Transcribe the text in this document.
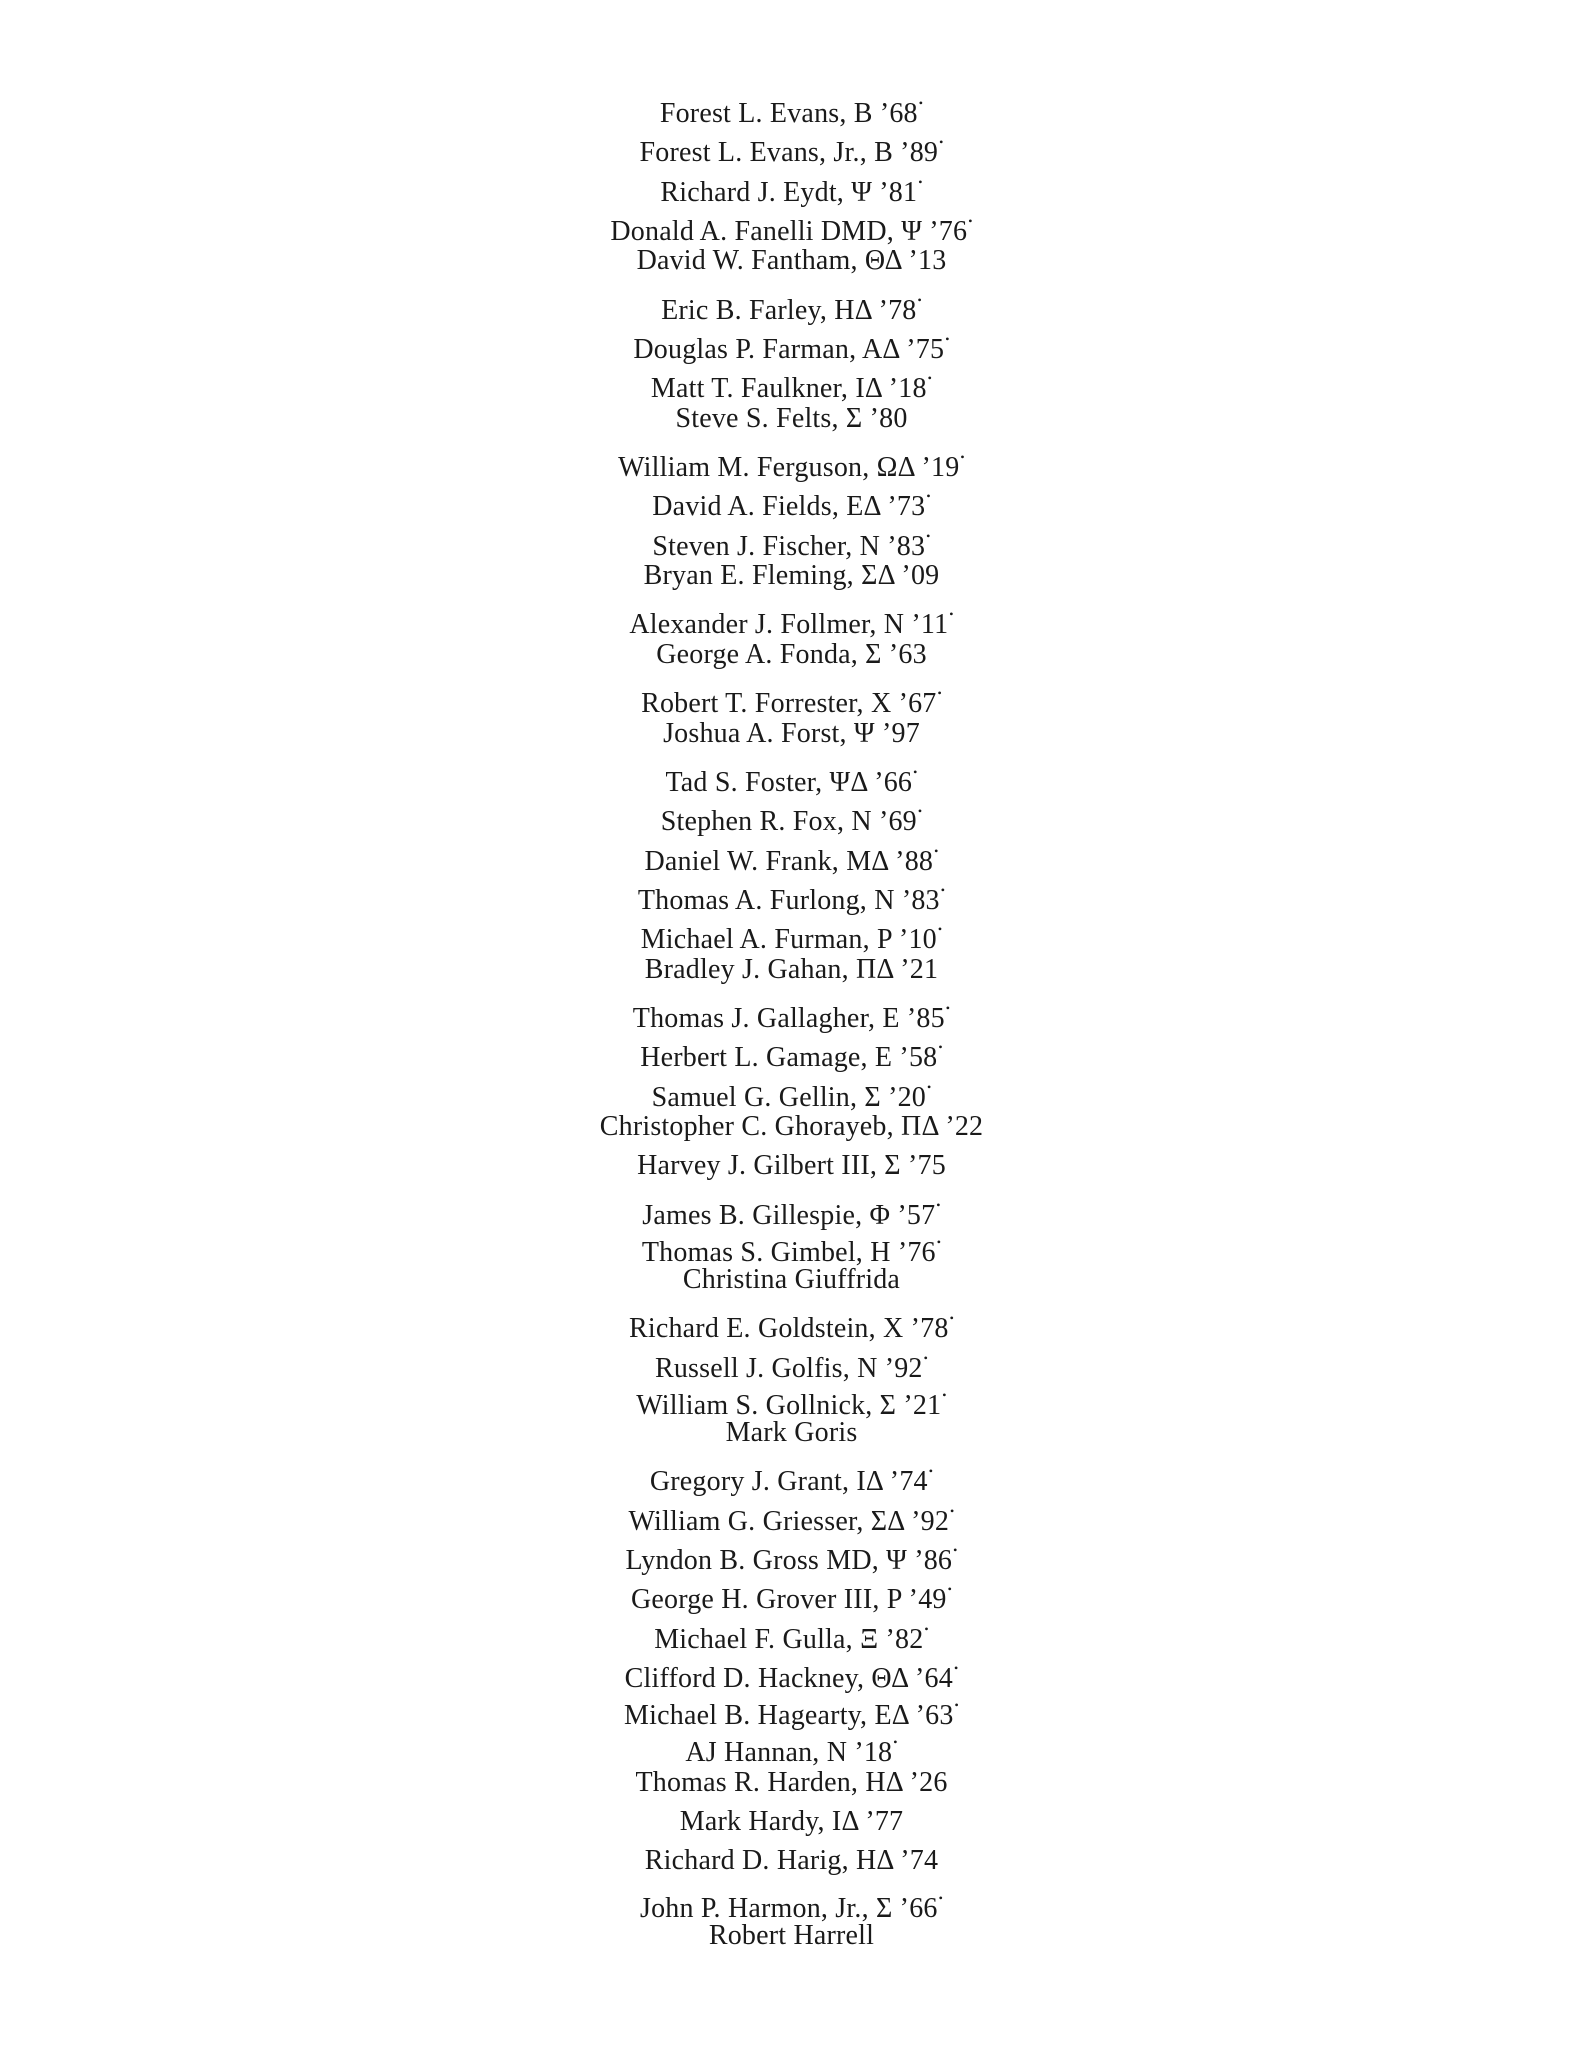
Forest L. Evans, B ’68•
Forest L. Evans, Jr., B ’89•
Richard J. Eydt, Ψ ’81•
Donald A. Fanelli DMD, Ψ ’76•
David W. Fantham, ΘΔ ’13
Eric B. Farley, HΔ ’78•
Douglas P. Farman, AΔ ’75•
Matt T. Faulkner, IΔ ’18•
Steve S. Felts, Σ ’80
William M. Ferguson, ΩΔ ’19•
David A. Fields, EΔ ’73•
Steven J. Fischer, N ’83•
Bryan E. Fleming, ΣΔ ’09
Alexander J. Follmer, N ’11•
George A. Fonda, Σ ’63
Robert T. Forrester, X ’67•
Joshua A. Forst, Ψ ’97
Tad S. Foster, ΨΔ ’66•
Stephen R. Fox, N ’69•
Daniel W. Frank, MΔ ’88•
Thomas A. Furlong, N ’83•
Michael A. Furman, P ’10•
Bradley J. Gahan, ΠΔ ’21
Thomas J. Gallagher, E ’85•
Herbert L. Gamage, E ’58•
Samuel G. Gellin, Σ ’20•
Christopher C. Ghorayeb, ΠΔ ’22
Harvey J. Gilbert III, Σ ’75
James B. Gillespie, Φ ’57•
Thomas S. Gimbel, H ’76•
Christina Giuffrida
Richard E. Goldstein, X ’78•
Russell J. Golfis, N ’92•
William S. Gollnick, Σ ’21•
Mark Goris
Gregory J. Grant, IΔ ’74•
William G. Griesser, ΣΔ ’92•
Lyndon B. Gross MD, Ψ ’86•
George H. Grover III, P ’49•
Michael F. Gulla, Ξ ’82•
Clifford D. Hackney, ΘΔ ’64•
Michael B. Hagearty, EΔ ’63•
AJ Hannan, N ’18•
Thomas R. Harden, HΔ ’26
Mark Hardy, IΔ ’77
Richard D. Harig, HΔ ’74
John P. Harmon, Jr., Σ ’66•
Robert Harrell
